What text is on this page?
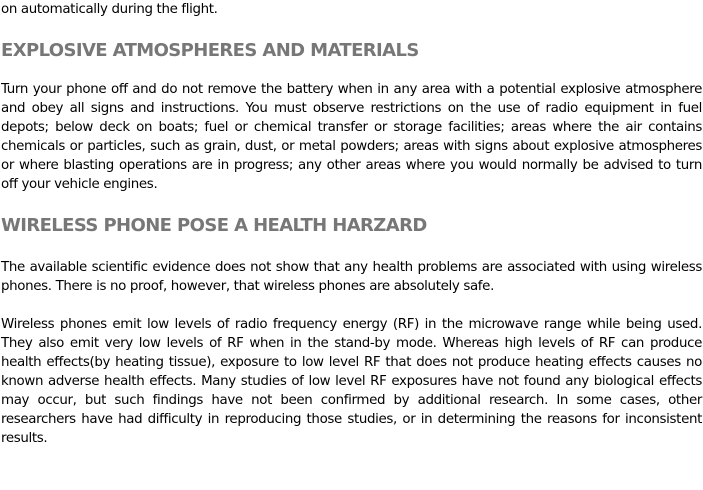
on automatically during the flight.

EXPLOSIVE ATMOSPHERES AND MATERIALS

Turn your phone off and do not remove the battery when in any area with a potential explosive atmosphere and obey all signs and instructions. You must observe restrictions on the use of radio equipment in fuel depots; below deck on boats; fuel or chemical transfer or storage facilities; areas where the air contains chemicals or particles, such as grain, dust, or metal powders; areas with signs about explosive atmospheres or where blasting operations are in progress; any other areas where you would normally be advised to turn off your vehicle engines.

WIRELESS PHONE POSE A HEALTH HARZARD

The available scientific evidence does not show that any health problems are associated with using wireless phones. There is no proof, however, that wireless phones are absolutely safe.

Wireless phones emit low levels of radio frequency energy (RF) in the microwave range while being used. They also emit very low levels of RF when in the stand-by mode. Whereas high levels of RF can produce health effects(by heating tissue), exposure to low level RF that does not produce heating effects causes no known adverse health effects. Many studies of low level RF exposures have not found any biological effects may occur, but such findings have not been confirmed by additional research. In some cases, other researchers have had difficulty in reproducing those studies, or in determining the reasons for inconsistent results.
